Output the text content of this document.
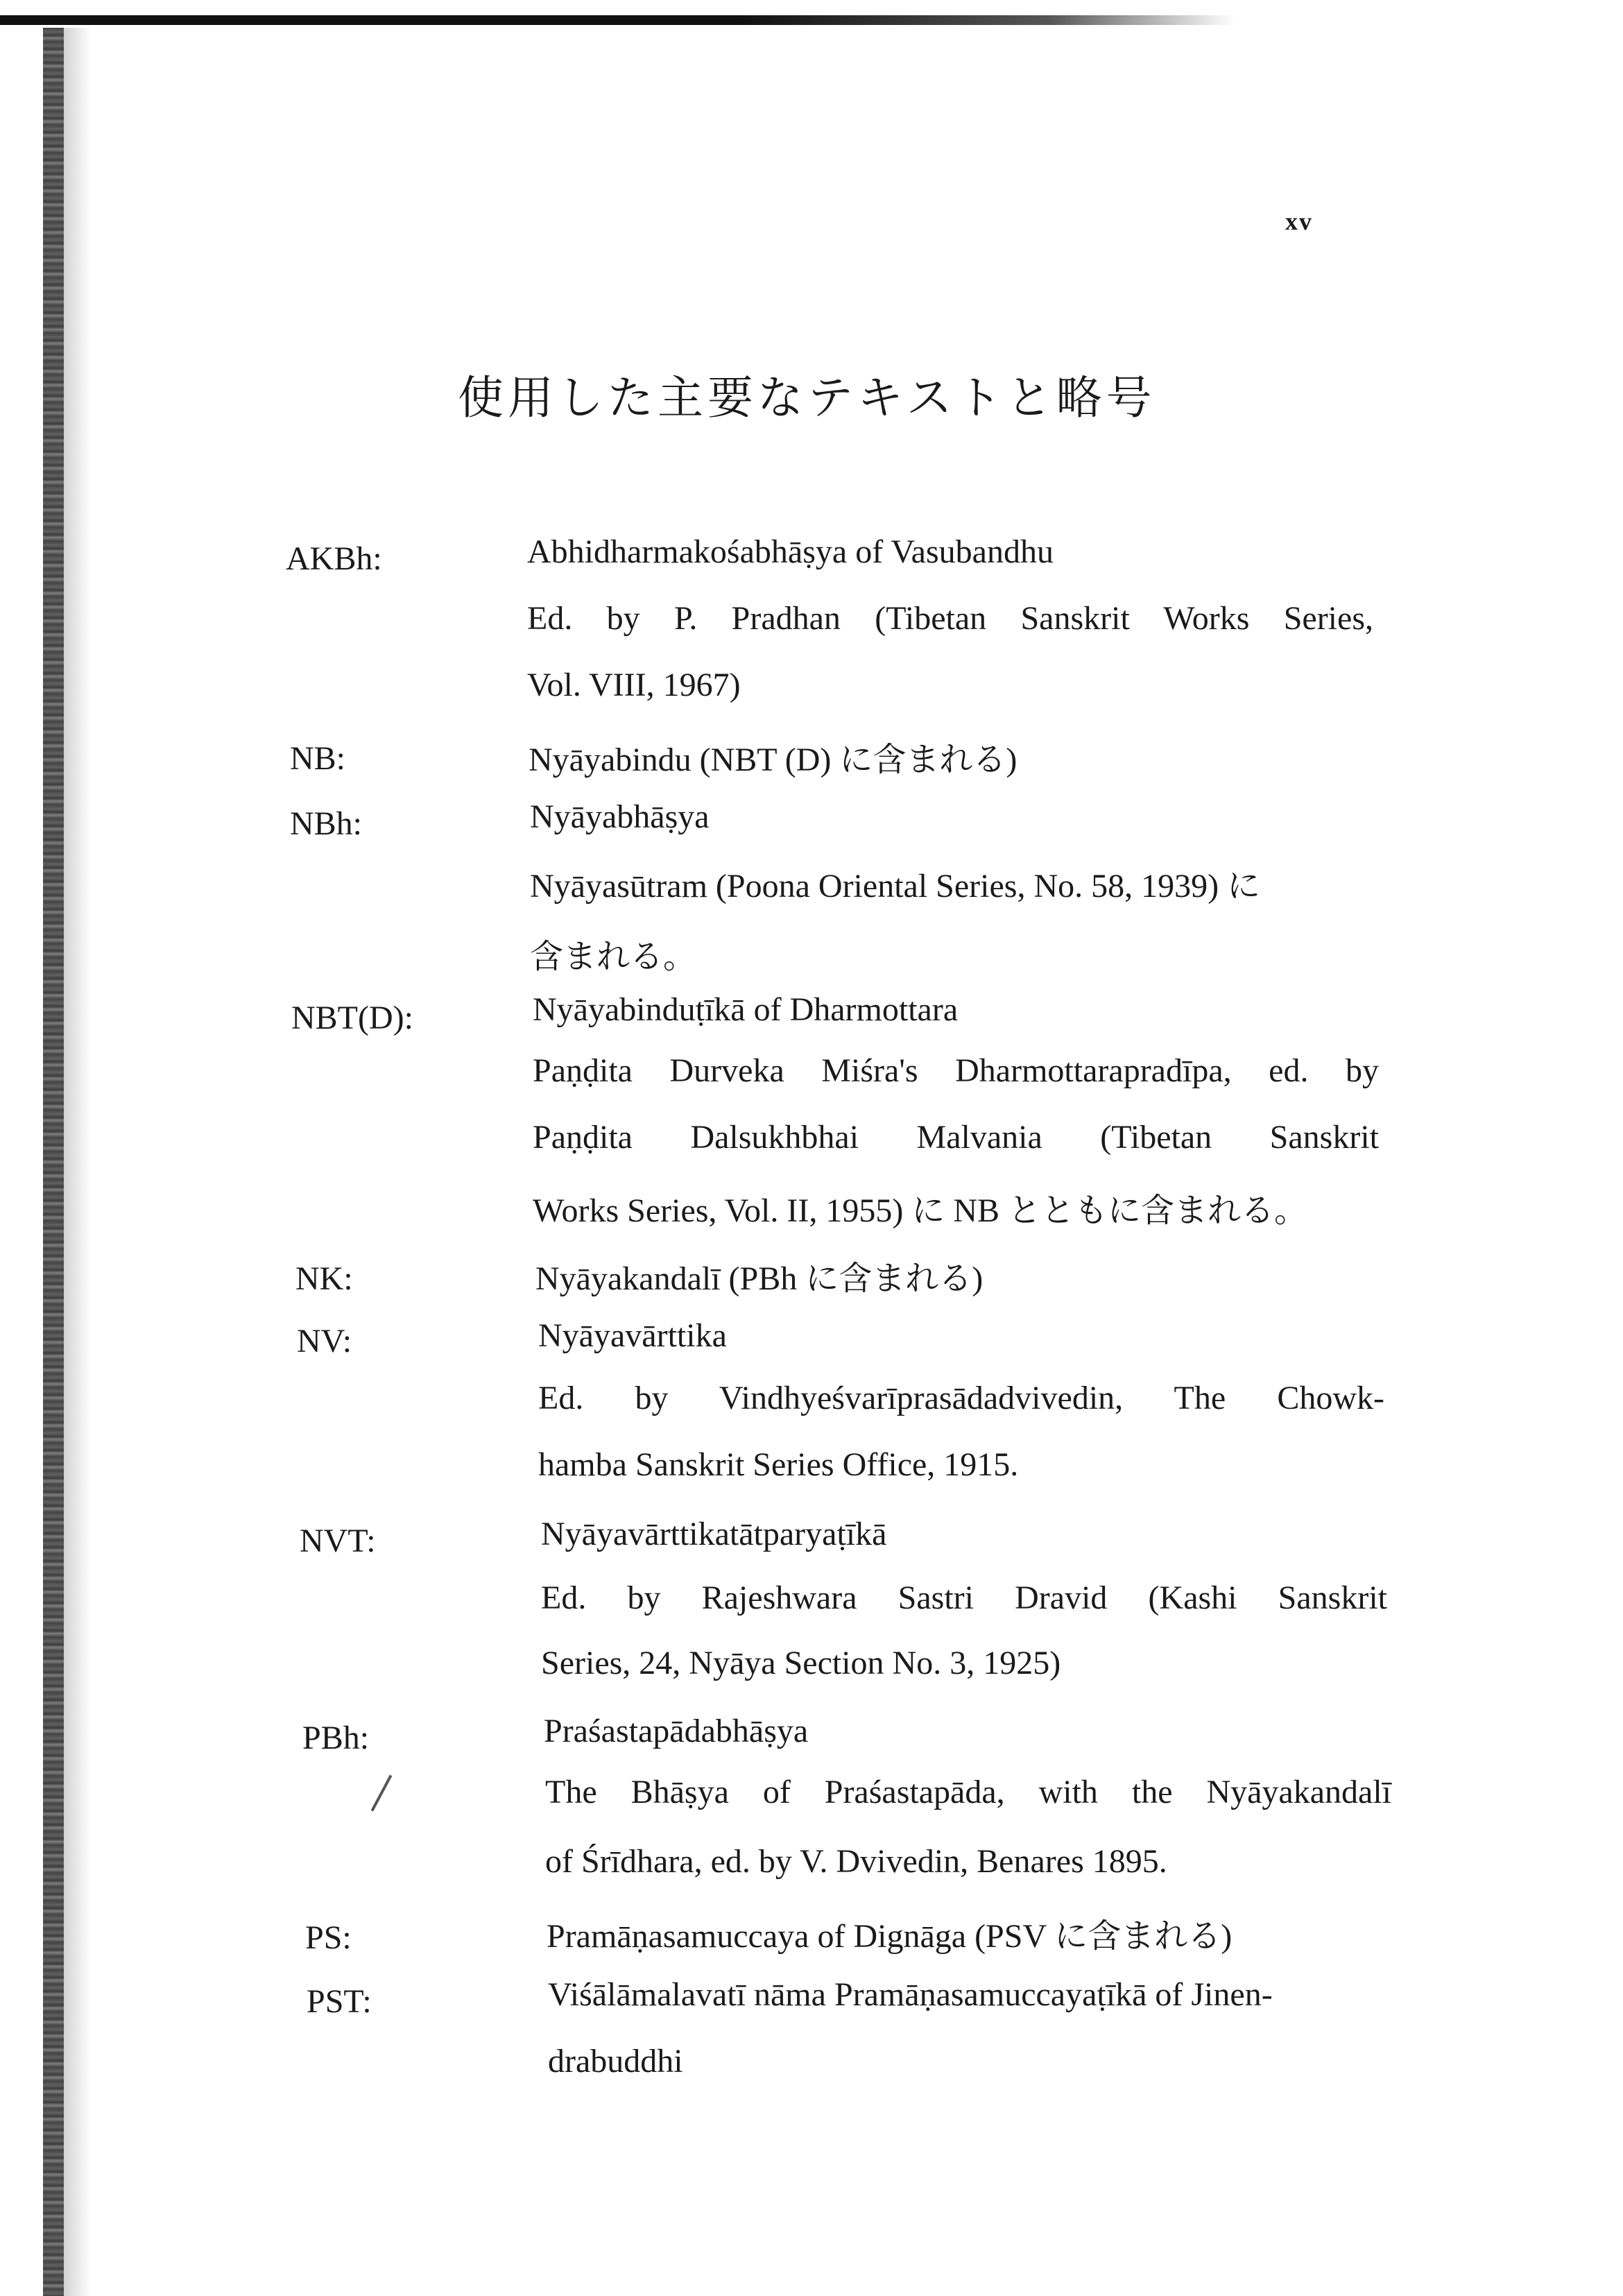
xv
使用した主要なテキストと略号
AKBh:	Abhidharmakośabhāṣya of Vasubandhu
Ed. by P. Pradhan (Tibetan Sanskrit Works Series,
Vol. VIII, 1967)
NB:	Nyāyabindu (NBT (D) に含まれる)
NBh:	Nyāyabhāṣya
Nyāyasūtram (Poona Oriental Series, No. 58, 1939) に
含まれる。
NBT(D):	Nyāyabinduṭīkā of Dharmottara
Paṇḍita Durveka Miśra's Dharmottarapradīpa, ed. by
Paṇḍita Dalsukhbhai Malvania (Tibetan Sanskrit
Works Series, Vol. II, 1955) に NB とともに含まれる。
NK:	Nyāyakandalī (PBh に含まれる)
NV:	Nyāyavārttika
Ed. by Vindhyeśvarīprasādadvivedin, The Chowk-
hamba Sanskrit Series Office, 1915.
NVT:	Nyāyavārttikatātparyaṭīkā
Ed. by Rajeshwara Sastri Dravid (Kashi Sanskrit
Series, 24, Nyāya Section No. 3, 1925)
PBh:	Praśastapādabhāṣya
The Bhāṣya of Praśastapāda, with the Nyāyakandalī
of Śrīdhara, ed. by V. Dvivedin, Benares 1895.
PS:	Pramāṇasamuccaya of Dignāga (PSV に含まれる)
PST:	Viśālāmalavatī nāma Pramāṇasamuccayaṭīkā of Jinen-
drabuddhi
